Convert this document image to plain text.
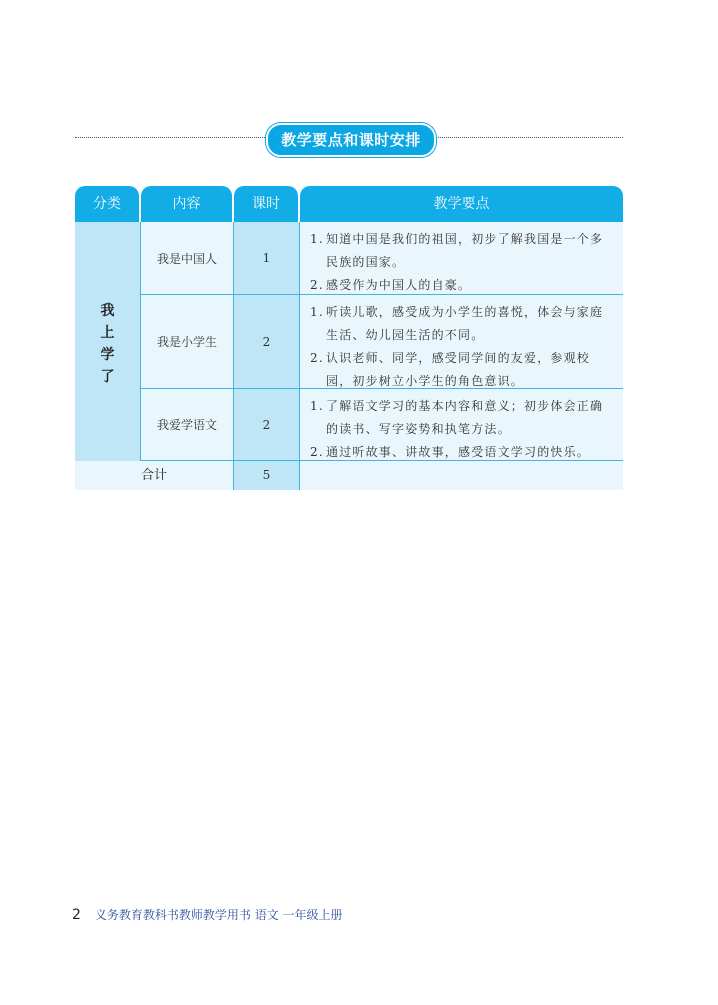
教学要点和课时安排
分类	内容	课时	教学要点
我
上
学
了
我是中国人	1
1. 知道中国是我们的祖国，初步了解我国是一个多民族的国家。
2. 感受作为中国人的自豪。
我是小学生	2
1. 听读儿歌，感受成为小学生的喜悦，体会与家庭生活、幼儿园生活的不同。
2. 认识老师、同学，感受同学间的友爱，参观校园，初步树立小学生的角色意识。
我爱学语文	2
1. 了解语文学习的基本内容和意义；初步体会正确的读书、写字姿势和执笔方法。
2. 通过听故事、讲故事，感受语文学习的快乐。
合计	5
2 义务教育教科书教师教学用书 语文 一年级上册
